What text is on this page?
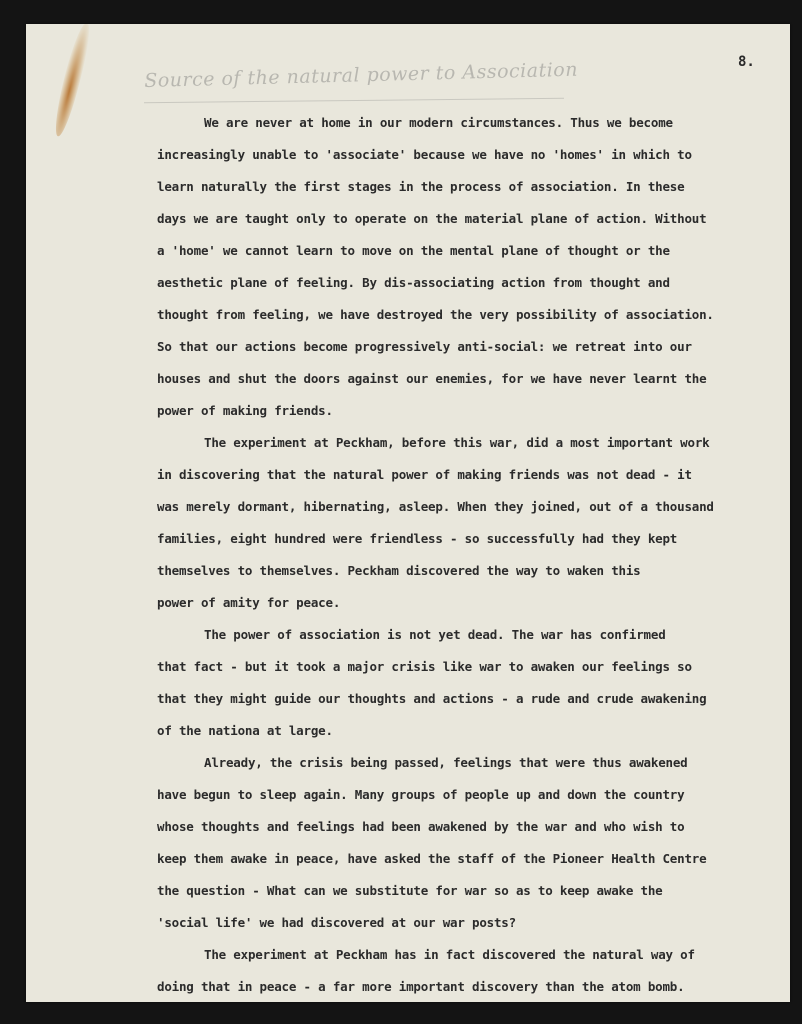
8.
Source of the natural power to Association
We are never at home in our modern circumstances. Thus we become
increasingly unable to 'associate' because we have no 'homes' in which to
learn naturally the first stages in the process of association. In these
days we are taught only to operate on the material plane of action. Without
a 'home' we cannot learn to move on the mental plane of thought or the
aesthetic plane of feeling. By dis-associating action from thought and
thought from feeling, we have destroyed the very possibility of association.
So that our actions become progressively anti-social: we retreat into our
houses and shut the doors against our enemies, for we have never learnt the
power of making friends.
The experiment at Peckham, before this war, did a most important work
in discovering that the natural power of making friends was not dead - it
was merely dormant, hibernating, asleep. When they joined, out of a thousand
families, eight hundred were friendless - so successfully had they kept
themselves to themselves. Peckham discovered the way to waken this
power of amity for peace.
The power of association is not yet dead. The war has confirmed
that fact - but it took a major crisis like war to awaken our feelings so
that they might guide our thoughts and actions - a rude and crude awakening
of the nationa at large.
Already, the crisis being passed, feelings that were thus awakened
have begun to sleep again. Many groups of people up and down the country
whose thoughts and feelings had been awakened by the war and who wish to
keep them awake in peace, have asked the staff of the Pioneer Health Centre
the question - What can we substitute for war so as to keep awake the
'social life' we had discovered at our war posts?
The experiment at Peckham has in fact discovered the natural way of
doing that in peace - a far more important discovery than the atom bomb.
